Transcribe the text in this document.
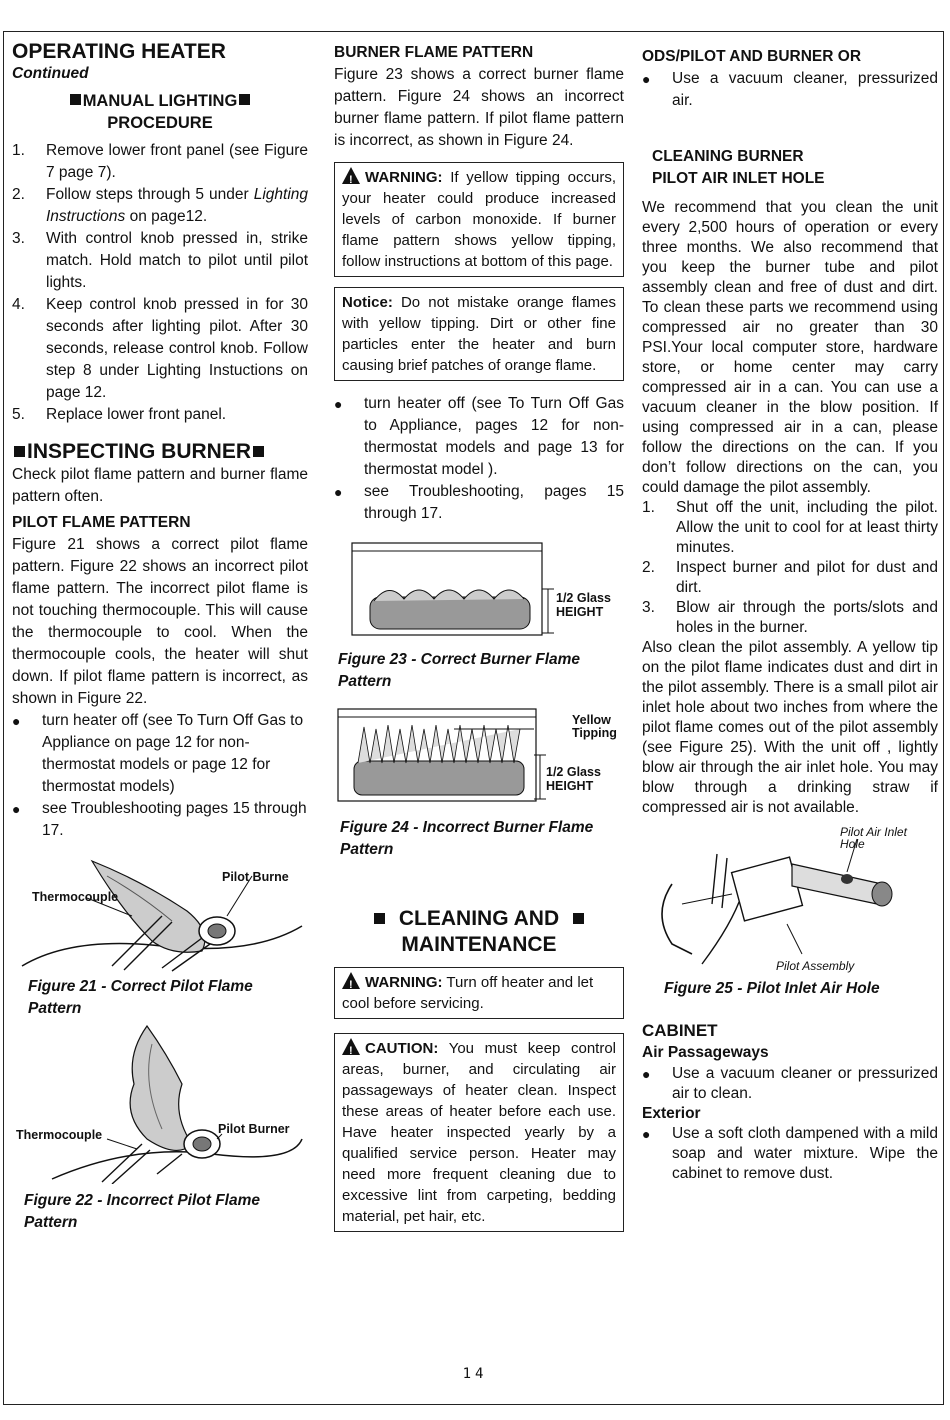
OPERATING HEATER

Continued

MANUAL LIGHTING

PROCEDURE

1. Remove lower front panel (see Figure 7 page 7).
2. Follow steps through 5 under Lighting Instructions on page12.
3. With control knob pressed in, strike match. Hold match to pilot until pilot lights.
4. Keep control knob pressed in for 30 seconds after lighting pilot. After 30 seconds, release control knob. Follow step 8 under Lighting Instuctions on page 12.
5. Replace lower front panel.

INSPECTING BURNER

Check pilot flame pattern and burner flame pattern often.

PILOT FLAME PATTERN

Figure 21 shows a correct pilot flame pattern. Figure 22 shows an incorrect pilot flame pattern. The incorrect pilot flame is not touching thermocouple. This will cause the thermocouple to cool. When the thermocouple cools, the heater will shut down. If pilot flame pattern is incorrect, as shown in Figure 22.

● turn heater off (see To Turn Off Gas to Appliance on page 12 for non-thermostat models or page 12 for thermostat models)
● see Troubleshooting pages 15 through 17.
Thermocouple
Pilot Burne

Figure 21 - Correct Pilot Flame Pattern

Thermocouple	Pilot Burner

Figure 22 - Incorrect Pilot Flame Pattern

BURNER FLAME PATTERN

Figure 23 shows a correct burner flame pattern. Figure 24 shows an incorrect burner flame pattern. If pilot flame pattern is incorrect, as shown in Figure 24.

!WARNING: If yellow tipping occurs, your heater could produce increased levels of carbon monoxide. If burner flame pattern shows yellow tipping, follow instructions at bottom of this page.

Notice: Do not mistake orange flames with yellow tipping. Dirt or other fine particles enter the heater and burn causing brief patches of orange flame.

● turn heater off (see To Turn Off Gas to Appliance, pages 12 for non-thermostat models and page 13 for thermostat model ).
● see Troubleshooting, pages 15 through 17.
1/2 Glass
HEIGHT

Figure 23 - Correct Burner Flame Pattern

Yellow
Tipping
1/2 Glass
HEIGHT

Figure 24 - Incorrect Burner Flame Pattern

CLEANING AND

MAINTENANCE

!WARNING: Turn off heater and let cool before servicing.

!CAUTION: You must keep control areas, burner, and circulating air passageways of heater clean. Inspect these areas of heater before each use. Have heater inspected yearly by a qualified service person. Heater may need more frequent cleaning due to excessive lint from carpeting, bedding material, pet hair, etc.

ODS/PILOT AND BURNER OR

● Use a vacuum cleaner, pressurized air.

CLEANING BURNER

PILOT AIR INLET HOLE

We recommend that you clean the unit every 2,500 hours of operation or every three months. We also recommend that you keep the burner tube and pilot assembly clean and free of dust and dirt. To clean these parts we recommend using compressed air no greater than 30 PSI.Your local computer store, hardware store, or home center may carry compressed air in a can. You can use a vacuum cleaner in the blow position. If using compressed air in a can, please follow the directions on the can. If you don’t follow directions on the can, you could damage the pilot assembly.

1. Shut off the unit, including the pilot. Allow the unit to cool for at least thirty minutes.
2. Inspect burner and pilot for dust and dirt.
3. Blow air through the ports/slots and holes in the burner.

Also clean the pilot assembly. A yellow tip on the pilot flame indicates dust and dirt in the pilot assembly. There is a small pilot air inlet hole about two inches from where the pilot flame comes out of the pilot assembly (see Figure 25). With the unit off , lightly blow air through the air inlet hole. You may blow through a drinking straw if compressed air is not available.

Pilot Air Inlet
Hole
Pilot Assembly

Figure 25 - Pilot Inlet Air Hole

CABINET

Air Passageways

● Use a vacuum cleaner or pressurized air to clean.

Exterior

● Use a soft cloth dampened with a mild soap and water mixture. Wipe the cabinet to remove dust.
14
